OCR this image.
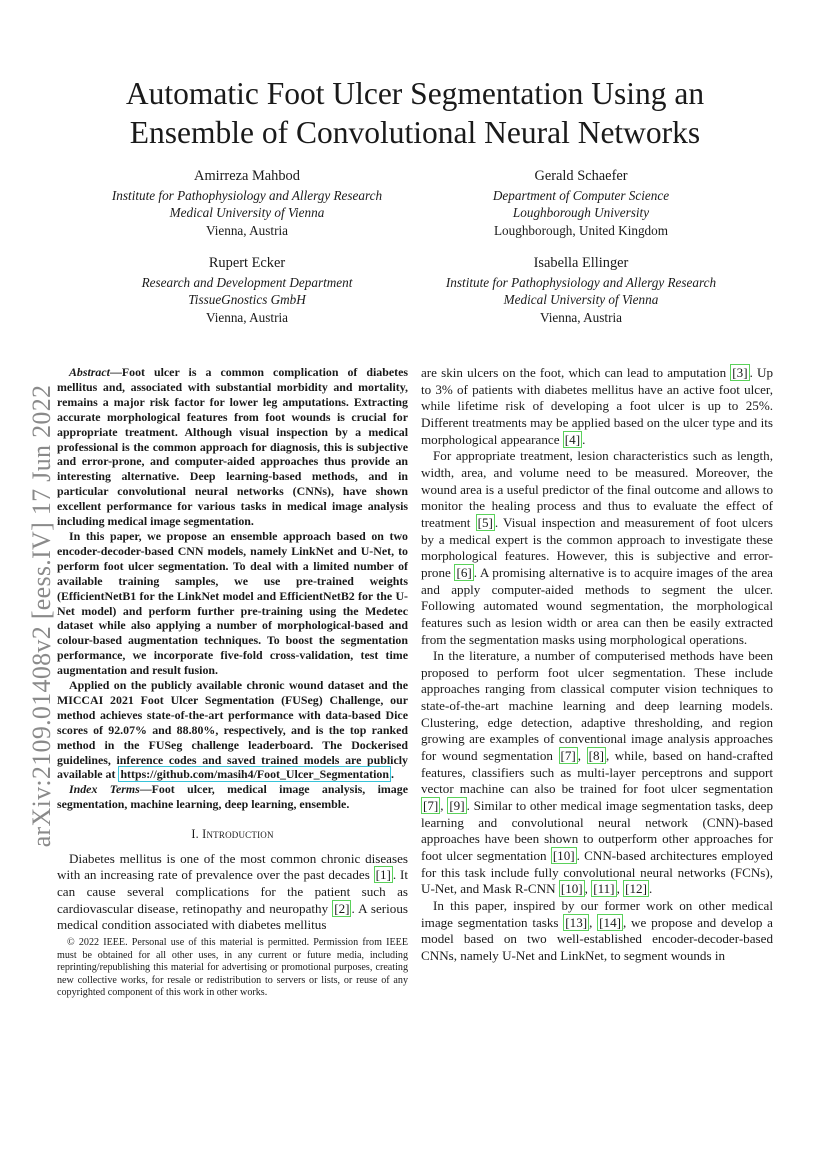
arXiv:2109.01408v2 [eess.IV] 17 Jun 2022
Automatic Foot Ulcer Segmentation Using an
Ensemble of Convolutional Neural Networks
Amirreza Mahbod
Institute for Pathophysiology and Allergy Research
Medical University of Vienna
Vienna, Austria
Gerald Schaefer
Department of Computer Science
Loughborough University
Loughborough, United Kingdom
Rupert Ecker
Research and Development Department
TissueGnostics GmbH
Vienna, Austria
Isabella Ellinger
Institute for Pathophysiology and Allergy Research
Medical University of Vienna
Vienna, Austria

Abstract—Foot ulcer is a common complication of diabetes mellitus and, associated with substantial morbidity and mortality, remains a major risk factor for lower leg amputations. Extracting accurate morphological features from foot wounds is crucial for appropriate treatment. Although visual inspection by a medical professional is the common approach for diagnosis, this is subjective and error-prone, and computer-aided approaches thus provide an interesting alternative. Deep learning-based methods, and in particular convolutional neural networks (CNNs), have shown excellent performance for various tasks in medical image analysis including medical image segmentation.

In this paper, we propose an ensemble approach based on two encoder-decoder-based CNN models, namely LinkNet and U-Net, to perform foot ulcer segmentation. To deal with a limited number of available training samples, we use pre-trained weights (EfficientNetB1 for the LinkNet model and EfficientNetB2 for the U-Net model) and perform further pre-training using the Medetec dataset while also applying a number of morphological-based and colour-based augmentation techniques. To boost the segmentation performance, we incorporate five-fold cross-validation, test time augmentation and result fusion.

Applied on the publicly available chronic wound dataset and the MICCAI 2021 Foot Ulcer Segmentation (FUSeg) Challenge, our method achieves state-of-the-art performance with data-based Dice scores of 92.07% and 88.80%, respectively, and is the top ranked method in the FUSeg challenge leaderboard. The Dockerised guidelines, inference codes and saved trained models are publicly available at https://github.com/masih4/Foot_Ulcer_Segmentation .

Index Terms—Foot ulcer, medical image analysis, image segmentation, machine learning, deep learning, ensemble.

I. Introduction

Diabetes mellitus is one of the most common chronic diseases with an increasing rate of prevalence over the past decades [1] . It can cause several complications for the patient such as cardiovascular disease, retinopathy and neuropathy [2] . A serious medical condition associated with diabetes mellitus

© 2022 IEEE. Personal use of this material is permitted. Permission from IEEE must be obtained for all other uses, in any current or future media, including reprinting/republishing this material for advertising or promotional purposes, creating new collective works, for resale or redistribution to servers or lists, or reuse of any copyrighted component of this work in other works.

are skin ulcers on the foot, which can lead to amputation [3] . Up to 3% of patients with diabetes mellitus have an active foot ulcer, while lifetime risk of developing a foot ulcer is up to 25%. Different treatments may be applied based on the ulcer type and its morphological appearance [4] .

For appropriate treatment, lesion characteristics such as length, width, area, and volume need to be measured. Moreover, the wound area is a useful predictor of the final outcome and allows to monitor the healing process and thus to evaluate the effect of treatment [5] . Visual inspection and measurement of foot ulcers by a medical expert is the common approach to investigate these morphological features. However, this is subjective and error-prone [6] . A promising alternative is to acquire images of the area and apply computer-aided methods to segment the ulcer. Following automated wound segmentation, the morphological features such as lesion width or area can then be easily extracted from the segmentation masks using morphological operations.

In the literature, a number of computerised methods have been proposed to perform foot ulcer segmentation. These include approaches ranging from classical computer vision techniques to state-of-the-art machine learning and deep learning models. Clustering, edge detection, adaptive thresholding, and region growing are examples of conventional image analysis approaches for wound segmentation [7] , [8] , while, based on hand-crafted features, classifiers such as multi-layer perceptrons and support vector machine can also be trained for foot ulcer segmentation [7] , [9] . Similar to other medical image segmentation tasks, deep learning and convolutional neural network (CNN)-based approaches have been shown to outperform other approaches for foot ulcer segmentation [10] . CNN-based architectures employed for this task include fully convolutional neural networks (FCNs), U-Net, and Mask R-CNN [10] , [11] , [12] .

In this paper, inspired by our former work on other medical image segmentation tasks [13] , [14] , we propose and develop a model based on two well-established encoder-decoder-based CNNs, namely U-Net and LinkNet, to segment wounds in
